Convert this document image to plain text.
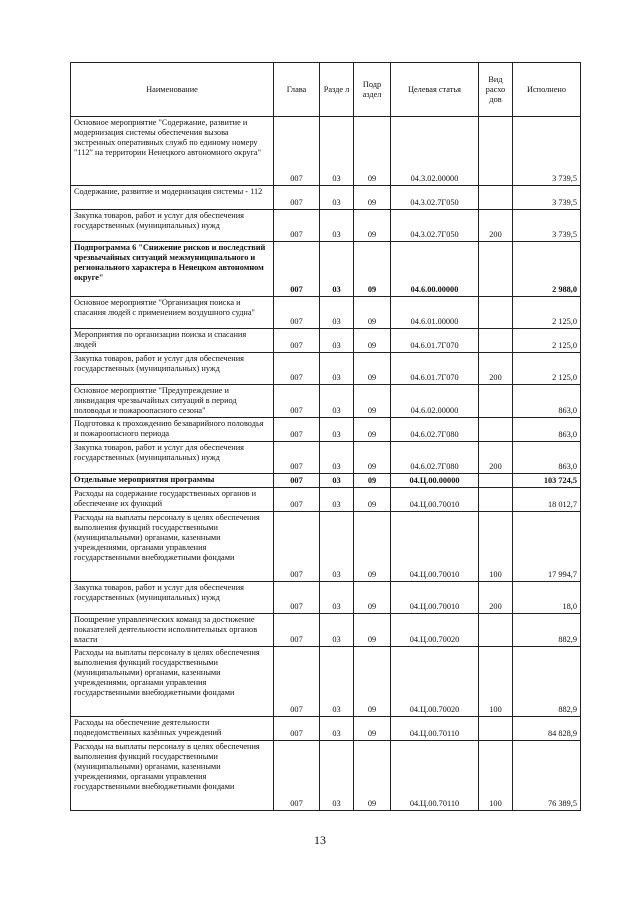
Наименование	Глава	Разде л	Подр аздел	Целевая статья	Вид расхо дов	Исполнено
Основное мероприятие "Содержание, развитие и модернизация системы обеспечения вызова экстренных оперативных служб по единому номеру "112" на территории Ненецкого автономного округа"	007	03	09	04.3.02.00000		3 739,5
Содержание, развитие и модернизация системы - 112	007	03	09	04.3.02.7Г050		3 739,5
Закупка товаров, работ и услуг для обеспечения государственных (муниципальных) нужд	007	03	09	04.3.02.7Г050	200	3 739,5
Подпрограмма 6 "Снижение рисков и последствий чрезвычайных ситуаций межмуниципального и регионального характера в Ненецком автономном округе"	007	03	09	04.6.00.00000		2 988,0
Основное мероприятие "Организация поиска и спасания людей с применением воздушного судна"	007	03	09	04.6.01.00000		2 125,0
Мероприятия по организации поиска и спасания людей	007	03	09	04.6.01.7Г070		2 125,0
Закупка товаров, работ и услуг для обеспечения государственных (муниципальных) нужд	007	03	09	04.6.01.7Г070	200	2 125,0
Основное мероприятие "Предупреждение и ликвидация чрезвычайных ситуаций в период половодья и пожароопасного сезона"	007	03	09	04.6.02.00000		863,0
Подготовка к прохождению безаварийного половодья и пожароопасного периода	007	03	09	04.6.02.7Г080		863,0
Закупка товаров, работ и услуг для обеспечения государственных (муниципальных) нужд	007	03	09	04.6.02.7Г080	200	863,0
Отдельные мероприятия программы	007	03	09	04.Ц.00.00000		103 724,5
Расходы на содержание государственных органов и обеспечение их функций	007	03	09	04.Ц.00.70010		18 012,7
Расходы на выплаты персоналу в целях обеспечения выполнения функций государственными (муниципальными) органами, казенными учреждениями, органами управления государственными внебюджетными фондами	007	03	09	04.Ц.00.70010	100	17 994,7
Закупка товаров, работ и услуг для обеспечения государственных (муниципальных) нужд	007	03	09	04.Ц.00.70010	200	18,0
Поощрение управленческих команд за достижение показателей деятельности исполнительных органов власти	007	03	09	04.Ц.00.70020		882,9
Расходы на выплаты персоналу в целях обеспечения выполнения функций государственными (муниципальными) органами, казенными учреждениями, органами управления государственными внебюджетными фондами	007	03	09	04.Ц.00.70020	100	882,9
Расходы на обеспечение деятельности подведомственных казённых учреждений	007	03	09	04.Ц.00.70110		84 828,9
Расходы на выплаты персоналу в целях обеспечения выполнения функций государственными (муниципальными) органами, казенными учреждениями, органами управления государственными внебюджетными фондами	007	03	09	04.Ц.00.70110	100	76 389,5
13
